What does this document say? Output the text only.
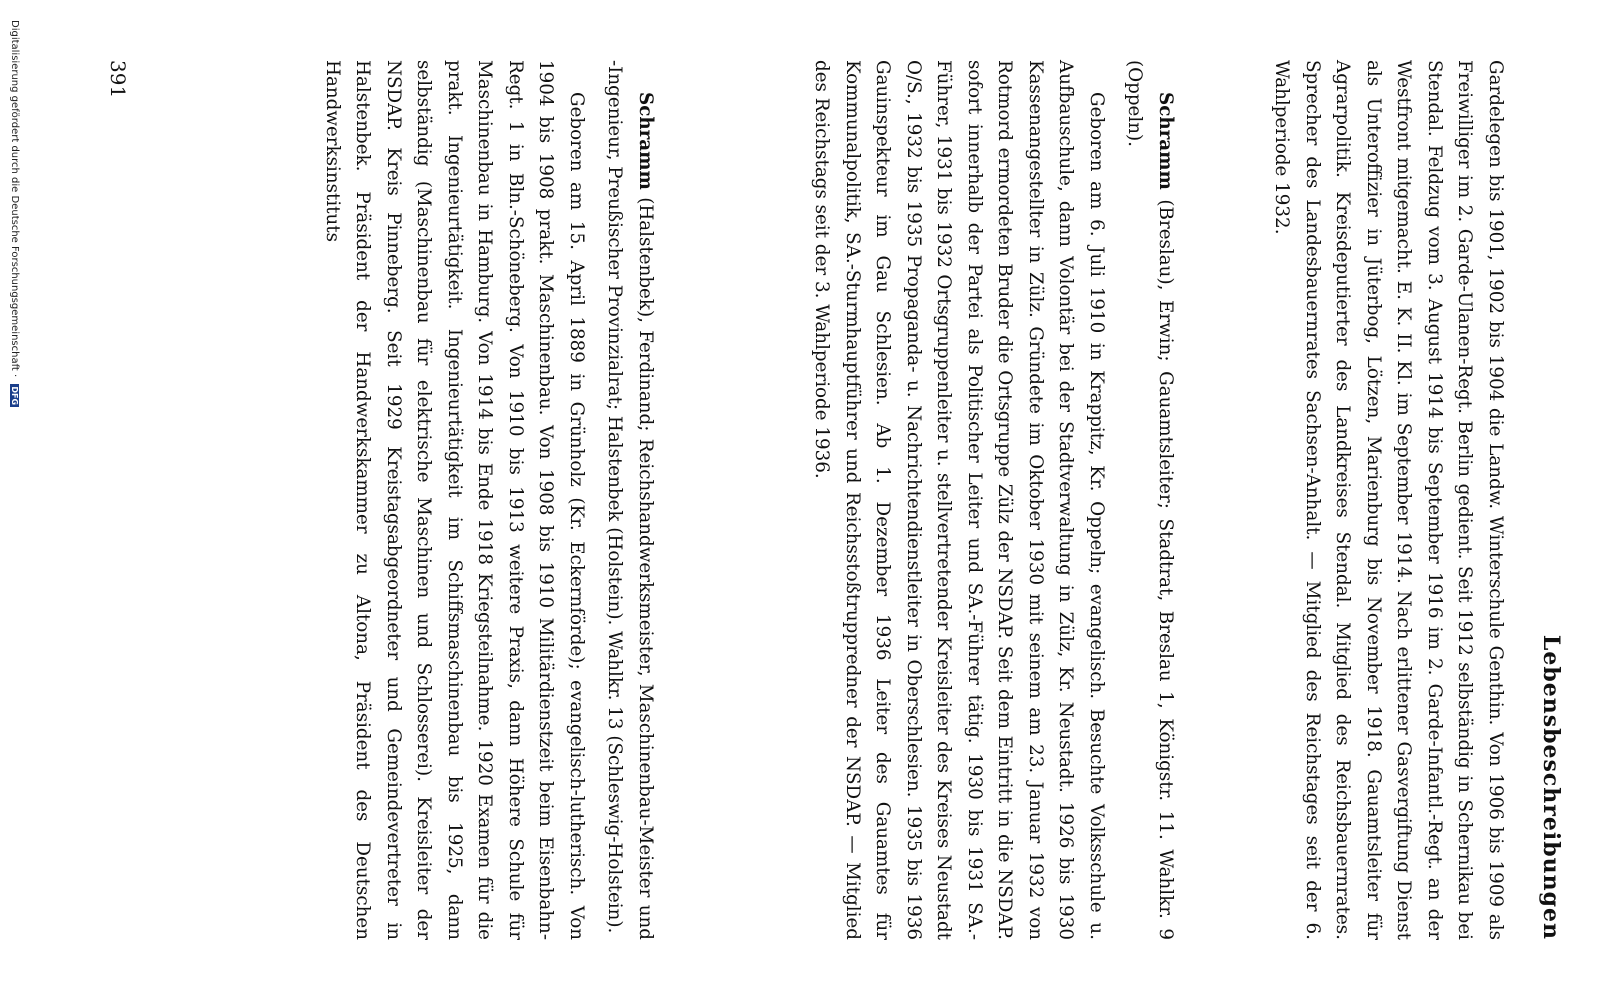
Lebensbeschreibungen

Gardelegen bis 1901, 1902 bis 1904 die Landw. Winterschule Genthin. Von 1906 bis 1909 als Freiwilliger im 2. Garde-Ulanen-Regt. Berlin gedient. Seit 1912 selbständig in Schernikau bei Stendal. Feldzug vom 3. August 1914 bis September 1916 im 2. Garde-Infantl.-Regt. an der Westfront mitgemacht. E. K. II. Kl. im September 1914. Nach erlittener Gasvergiftung Dienst als Unteroffizier in Jüterbog, Lötzen, Marienburg bis November 1918. Gauamtsleiter für Agrarpolitik. Kreisdeputierter des Landkreises Stendal. Mitglied des Reichsbauernrates. Sprecher des Landesbauernrates Sachsen-Anhalt. — Mitglied des Reichstages seit der 6. Wahlperiode 1932.

Schramm (Breslau), Erwin; Gauamtsleiter; Stadtrat, Breslau 1, Königstr. 11. Wahlkr. 9 (Oppeln).

Geboren am 6. Juli 1910 in Krappitz, Kr. Oppeln; evangelisch. Besuchte Volksschule u. Aufbauschule, dann Volontär bei der Stadtverwaltung in Zülz, Kr. Neustadt. 1926 bis 1930 Kassenangestellter in Zülz. Gründete im Oktober 1930 mit seinem am 23. Januar 1932 von Rotmord ermordeten Bruder die Ortsgruppe Zülz der NSDAP. Seit dem Eintritt in die NSDAP. sofort innerhalb der Partei als Politischer Leiter und SA.-Führer tätig. 1930 bis 1931 SA.-Führer, 1931 bis 1932 Ortsgruppenleiter u. stellvertretender Kreisleiter des Kreises Neustadt O/S., 1932 bis 1935 Propaganda- u. Nachrichtendienstleiter in Oberschlesien. 1935 bis 1936 Gauinspekteur im Gau Schlesien. Ab 1. Dezember 1936 Leiter des Gauamtes für Kommunalpolitik, SA.-Sturmhauptführer und Reichsstoßtruppredner der NSDAP. — Mitglied des Reichstags seit der 3. Wahlperiode 1936.

Schramm (Halstenbek), Ferdinand; Reichshandwerksmeister, Maschinenbau-Meister und -Ingenieur, Preußischer Provinzialrat; Halstenbek (Holstein). Wahlkr. 13 (Schleswig-Holstein).

Geboren am 15. April 1889 in Grünholz (Kr. Eckernförde); evangelisch-lutherisch. Von 1904 bis 1908 prakt. Maschinenbau. Von 1908 bis 1910 Militärdienstzeit beim Eisenbahn-Regt. 1 in Bln.-Schöneberg. Von 1910 bis 1913 weitere Praxis, dann Höhere Schule für Maschinenbau in Hamburg. Von 1914 bis Ende 1918 Kriegsteilnahme. 1920 Examen für die prakt. Ingenieurtätigkeit. Ingenieurtätigkeit im Schiffsmaschinenbau bis 1925, dann selbständig (Maschinenbau für elektrische Maschinen und Schlosserei). Kreisleiter der NSDAP. Kreis Pinneberg. Seit 1929 Kreistagsabgeordneter und Gemeindevertreter in Halstenbek. Präsident der Handwerkskammer zu Altona, Präsident des Deutschen Handwerksinstituts

391
Digitalisierung gefördert durch die Deutsche Forschungsgemeinschaft · DFG
